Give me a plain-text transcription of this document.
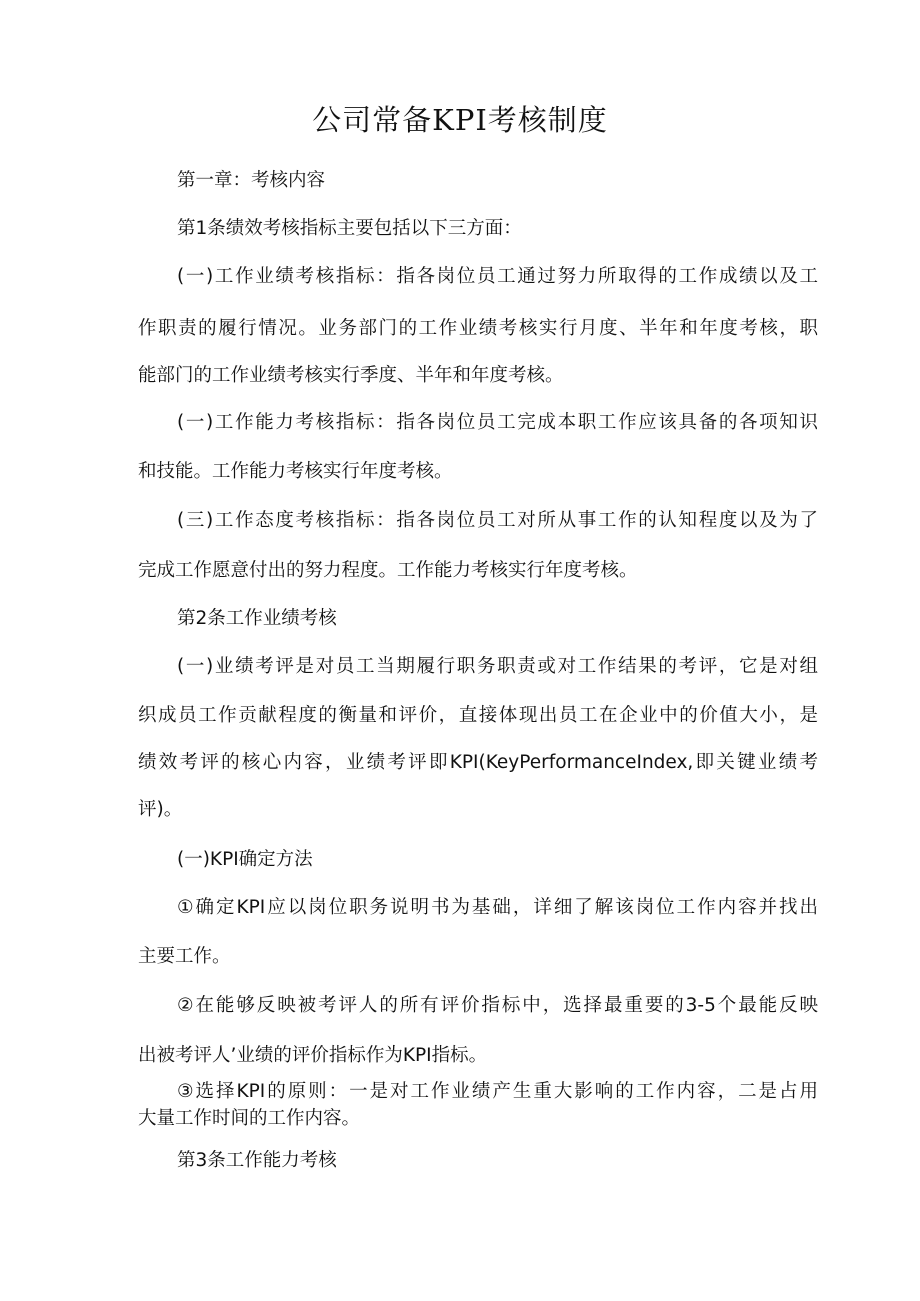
公司常备KPI考核制度
第一章：考核内容
第1条绩效考核指标主要包括以下三方面：
(一)工作业绩考核指标：指各岗位员工通过努力所取得的工作成绩以及工
作职责的履行情况。业务部门的工作业绩考核实行月度、半年和年度考核，职
能部门的工作业绩考核实行季度、半年和年度考核。
(一)工作能力考核指标：指各岗位员工完成本职工作应该具备的各项知识
和技能。工作能力考核实行年度考核。
(三)工作态度考核指标：指各岗位员工对所从事工作的认知程度以及为了
完成工作愿意付出的努力程度。工作能力考核实行年度考核。
第2条工作业绩考核
(一)业绩考评是对员工当期履行职务职责或对工作结果的考评，它是对组
织成员工作贡献程度的衡量和评价，直接体现出员工在企业中的价值大小，是
绩效考评的核心内容，业绩考评即KPI(KeyPerformanceIndex,即关键业绩考
评)。
(一)KPI确定方法
①确定KPI应以岗位职务说明书为基础，详细了解该岗位工作内容并找出
主要工作。
②在能够反映被考评人的所有评价指标中，选择最重要的3-5个最能反映
出被考评人’业绩的评价指标作为KPI指标。
③选择KPI的原则：一是对工作业绩产生重大影响的工作内容，二是占用
大量工作时间的工作内容。
第3条工作能力考核
